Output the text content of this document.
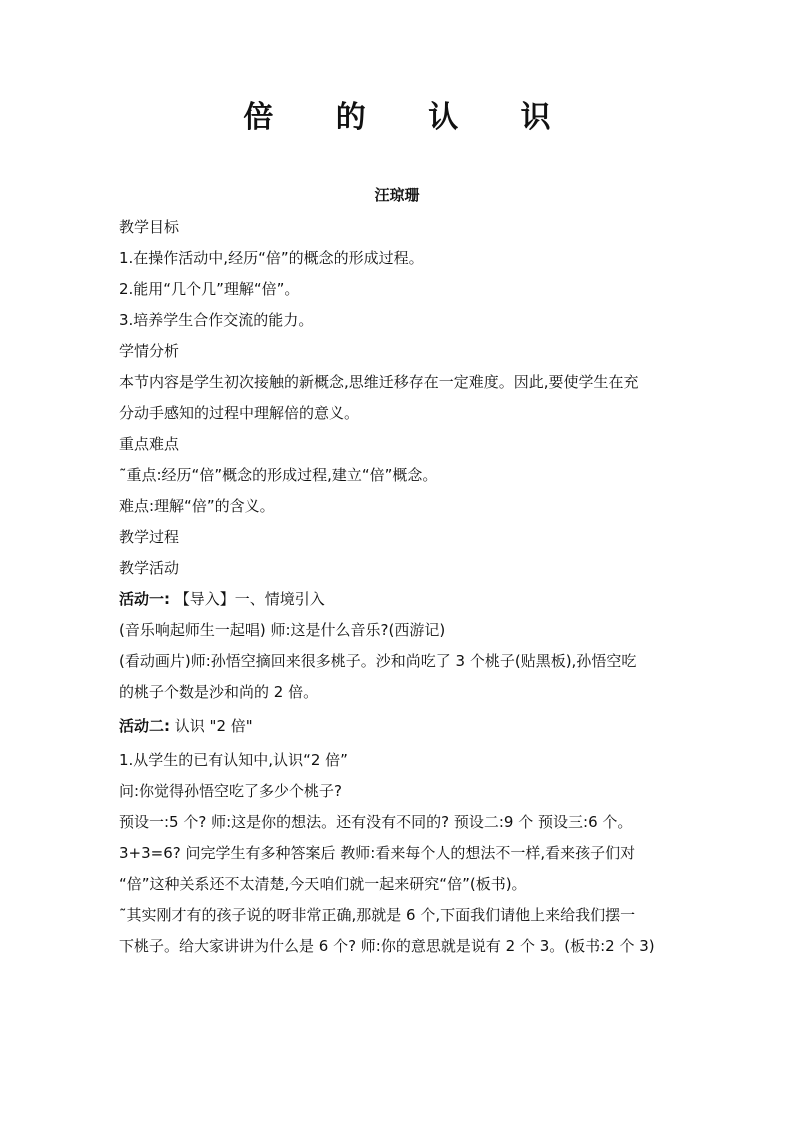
倍 的 认 识
汪琼珊
教学目标
1.在操作活动中,经历“倍”的概念的形成过程。
2.能用“几个几”理解“倍”。
3.培养学生合作交流的能力。
学情分析
本节内容是学生初次接触的新概念,思维迁移存在一定难度。因此,要使学生在充
分动手感知的过程中理解倍的意义。
重点难点
˜重点:经历“倍”概念的形成过程,建立“倍”概念。
难点:理解“倍”的含义。
教学过程
教学活动
活动一: 【导入】一、情境引入
(音乐响起师生一起唱) 师:这是什么音乐?(西游记)
(看动画片)师:孙悟空摘回来很多桃子。沙和尚吃了 3 个桃子(贴黑板),孙悟空吃
的桃子个数是沙和尚的 2 倍。
活动二: 认识 "2 倍"
1.从学生的已有认知中,认识“2 倍”
问:你觉得孙悟空吃了多少个桃子?
预设一:5 个? 师:这是你的想法。还有没有不同的? 预设二:9 个 预设三:6 个。
3+3=6? 问完学生有多种答案后 教师:看来每个人的想法不一样,看来孩子们对
“倍”这种关系还不太清楚,今天咱们就一起来研究“倍”(板书)。
˜其实刚才有的孩子说的呀非常正确,那就是 6 个,下面我们请他上来给我们摆一
下桃子。给大家讲讲为什么是 6 个? 师:你的意思就是说有 2 个 3。(板书:2 个 3)
